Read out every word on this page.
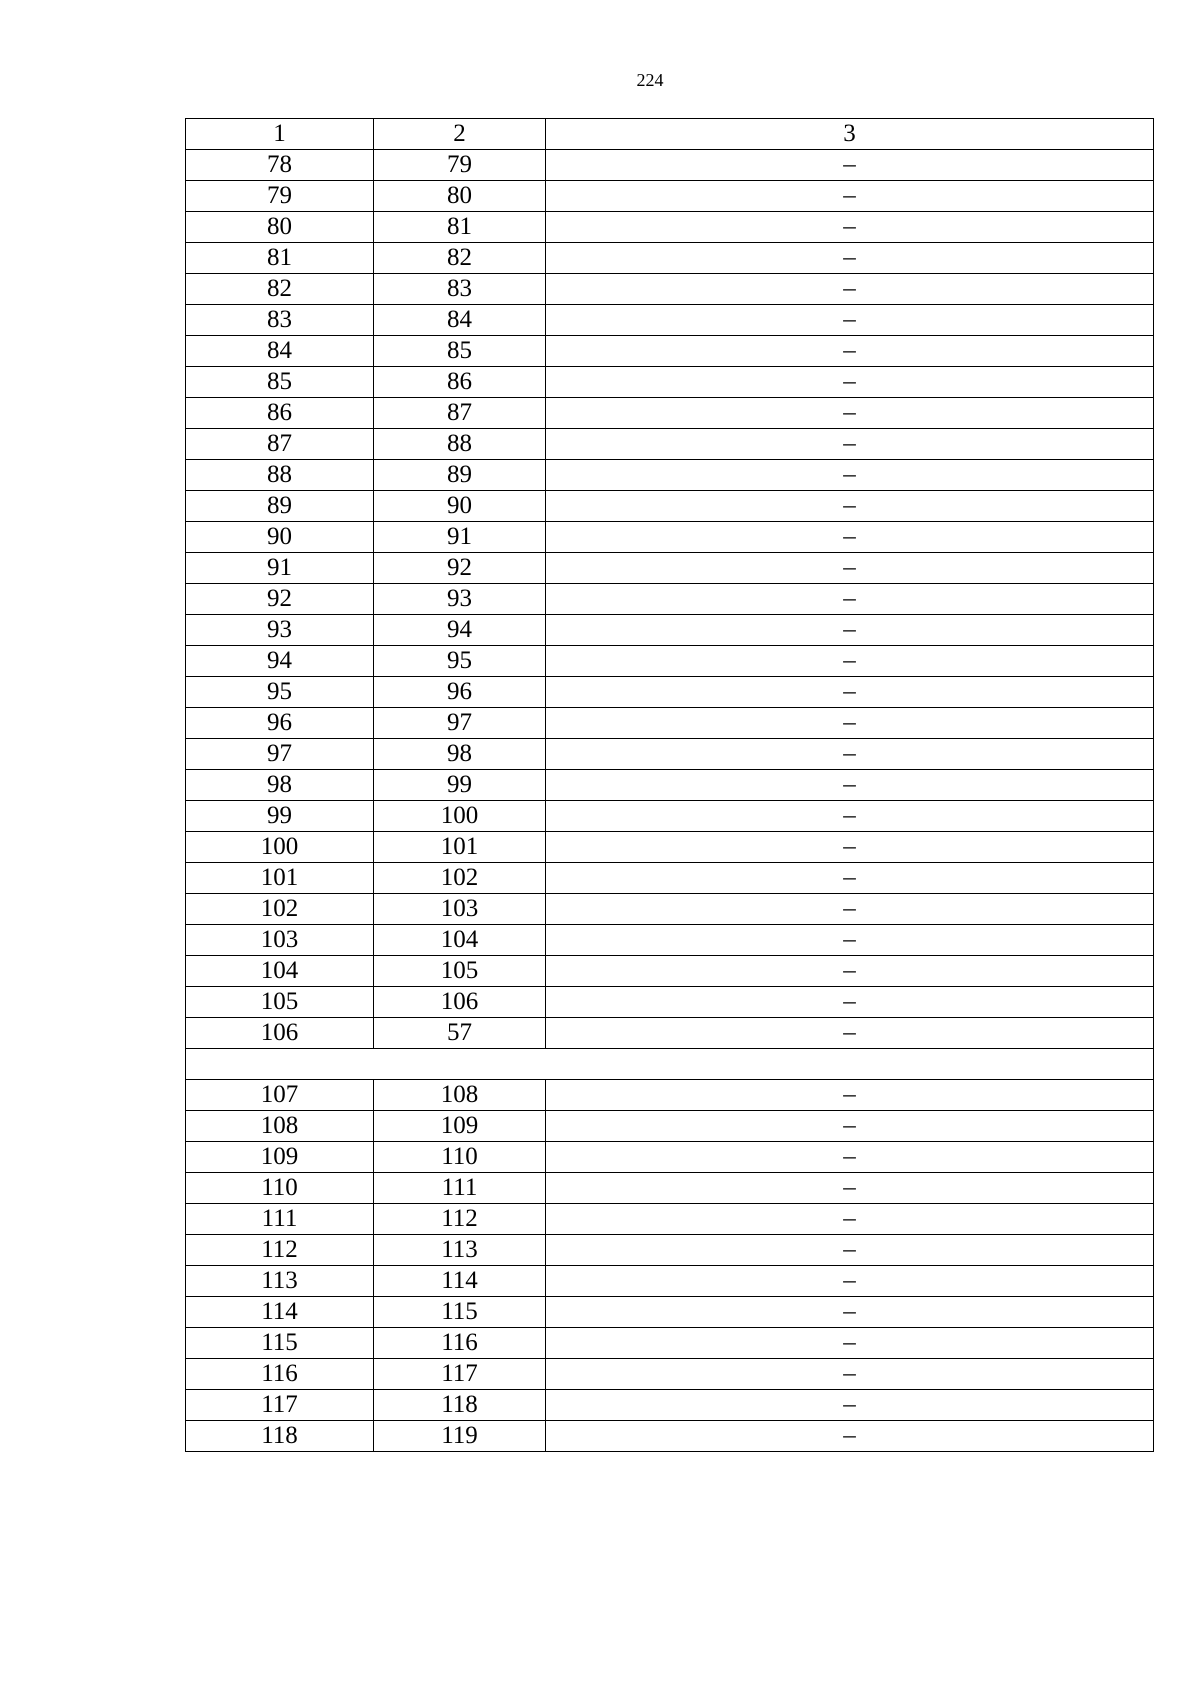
224
1	2	3
78	79	–
79	80	–
80	81	–
81	82	–
82	83	–
83	84	–
84	85	–
85	86	–
86	87	–
87	88	–
88	89	–
89	90	–
90	91	–
91	92	–
92	93	–
93	94	–
94	95	–
95	96	–
96	97	–
97	98	–
98	99	–
99	100	–
100	101	–
101	102	–
102	103	–
103	104	–
104	105	–
105	106	–
106	57	–

107	108	–
108	109	–
109	110	–
110	111	–
111	112	–
112	113	–
113	114	–
114	115	–
115	116	–
116	117	–
117	118	–
118	119	–
